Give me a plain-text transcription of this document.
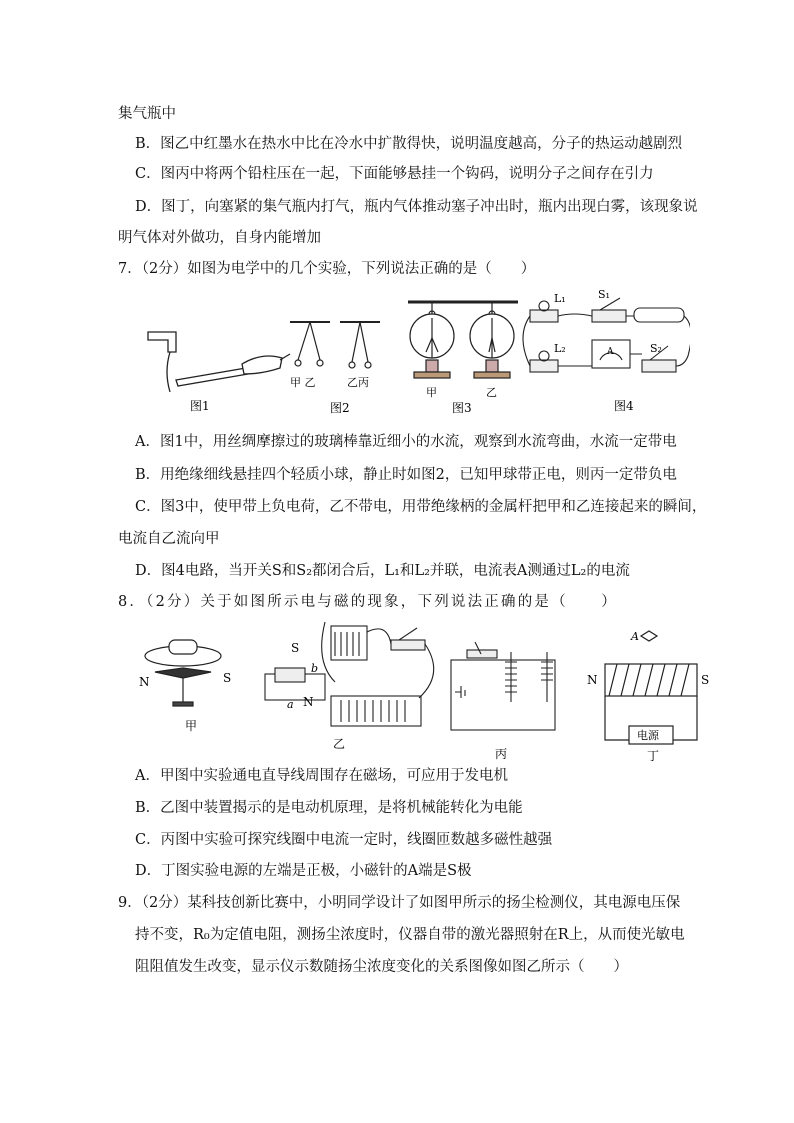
集气瓶中
B．图乙中红墨水在热水中比在冷水中扩散得快，说明温度越高，分子的热运动越剧烈
C．图丙中将两个铅柱压在一起，下面能够悬挂一个钩码，说明分子之间存在引力
D．图丁，向塞紧的集气瓶内打气，瓶内气体推动塞子冲出时，瓶内出现白雾，该现象说
明气体对外做功，自身内能增加
7．（2分）如图为电学中的几个实验，下列说法正确的是（　　）
图1
甲 乙	乙丙
图2
甲	乙
图3
L₁
L₂
S₁
S₂
A
图4
A．图1中，用丝绸摩擦过的玻璃棒靠近细小的水流，观察到水流弯曲，水流一定带电
B．用绝缘细线悬挂四个轻质小球，静止时如图2，已知甲球带正电，则丙一定带负电
C．图3中，使甲带上负电荷，乙不带电，用带绝缘柄的金属杆把甲和乙连接起来的瞬间，
电流自乙流向甲
D．图4电路，当开关S和S₂都闭合后，L₁和L₂并联，电流表A测通过L₂的电流
8．（2分）关于如图所示电与磁的现象，下列说法正确的是（　　）
N	S
甲
S
N
a
b
乙
丙
A
N	S
电源
丁
A．甲图中实验通电直导线周围存在磁场，可应用于发电机
B．乙图中装置揭示的是电动机原理，是将机械能转化为电能
C．丙图中实验可探究线圈中电流一定时，线圈匝数越多磁性越强
D．丁图实验电源的左端是正极，小磁针的A端是S极
9．（2分）某科技创新比赛中，小明同学设计了如图甲所示的扬尘检测仪，其电源电压保
持不变，R₀为定值电阻，测扬尘浓度时，仪器自带的激光器照射在R上，从而使光敏电
阻阻值发生改变，显示仪示数随扬尘浓度变化的关系图像如图乙所示（　　）
